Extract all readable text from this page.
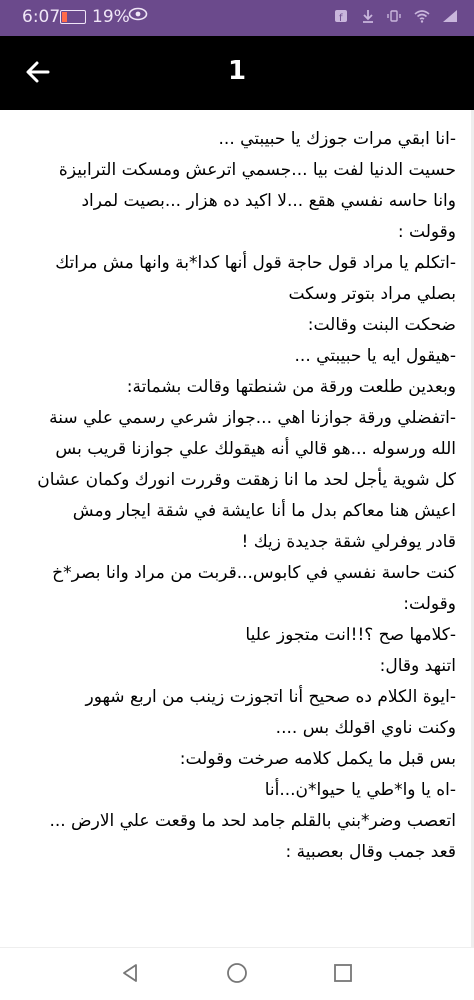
6:07 19%	f

1

-انا ابقي مرات جوزك يا حبيبتي ...

حسيت الدنيا لفت بيا ...جسمي اترعش ومسكت الترابيزة

وانا حاسه نفسي هقع ...لا اكيد ده هزار ...بصيت لمراد

وقولت :

-اتكلم يا مراد قول حاجة قول أنها كدا*بة وانها مش مراتك

بصلي مراد بتوتر وسكت

ضحكت البنت وقالت:

-هيقول ايه يا حبيبتي ...

وبعدين طلعت ورقة من شنطتها وقالت بشماتة:

-اتفضلي ورقة جوازنا اهي ...جواز شرعي رسمي علي سنة

الله ورسوله ...هو قالي أنه هيقولك علي جوازنا قريب بس

كل شوية يأجل لحد ما انا زهقت وقررت انورك وكمان عشان

اعيش هنا معاكم بدل ما أنا عايشة في شقة ايجار ومش

قادر يوفرلي شقة جديدة زيك !

كنت حاسة نفسي في كابوس...قربت من مراد وانا بصر*خ

وقولت:

-كلامها صح ؟!!انت متجوز عليا

اتنهد وقال:

-ايوة الكلام ده صحيح أنا اتجوزت زينب من اربع شهور

وكنت ناوي اقولك بس ....

بس قبل ما يكمل كلامه صرخت وقولت:

-اه يا وا*طي يا حيوا*ن...أنا

اتعصب وضر*بني بالقلم جامد لحد ما وقعت علي الارض ...

قعد جمب وقال بعصبية :
